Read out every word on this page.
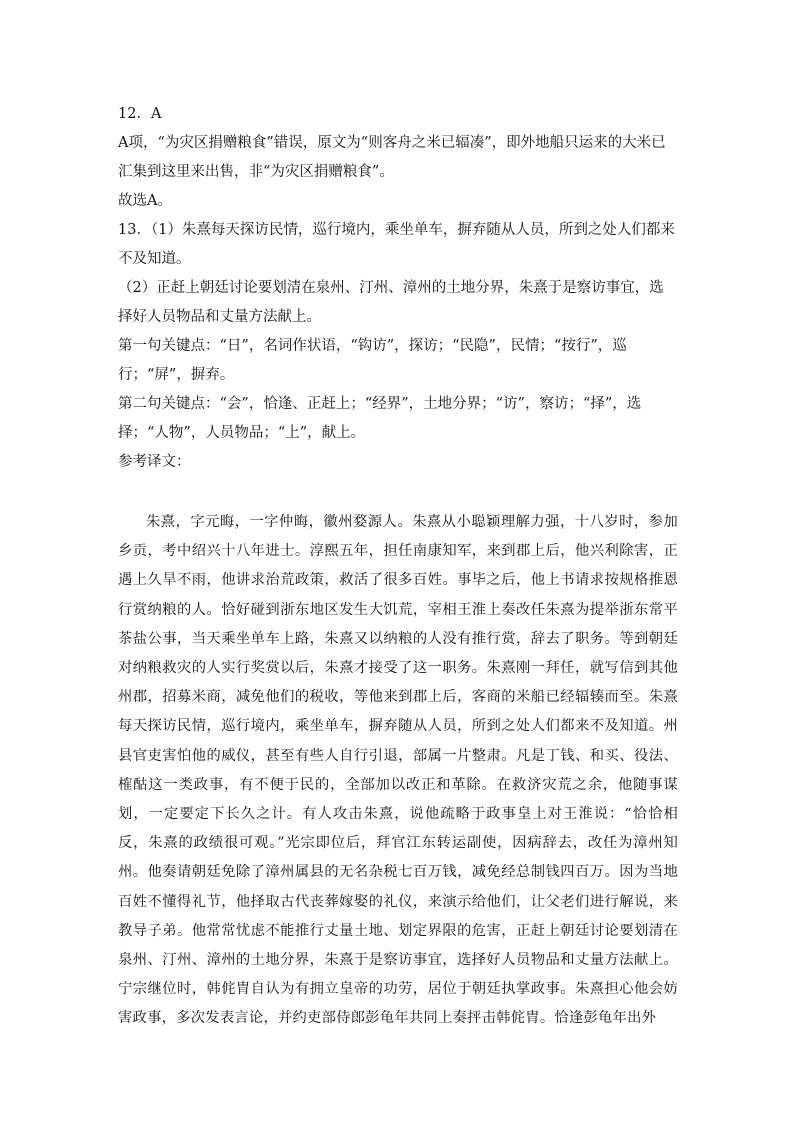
12．A

A项，“为灾区捐赠粮食”错误，原文为“则客舟之米已辐凑”，即外地船只运来的大米已汇集到这里来出售，非“为灾区捐赠粮食”。

故选A。

13．（1）朱熹每天探访民情，巡行境内，乘坐单车，摒弃随从人员，所到之处人们都来不及知道。

（2）正赶上朝廷讨论要划清在泉州、汀州、漳州的土地分界，朱熹于是察访事宜，选择好人员物品和丈量方法献上。

第一句关键点：“日”，名词作状语，“钩访”，探访；“民隐”，民情；“按行”，巡行；“屏”，摒弃。

第二句关键点：“会”，恰逢、正赶上；“经界”，土地分界；“访”，察访；“择”，选择；“人物”，人员物品；“上”，献上。

参考译文：

朱熹，字元晦，一字仲晦，徽州婺源人。朱熹从小聪颖理解力强，十八岁时，参加乡贡，考中绍兴十八年进士。淳熙五年，担任南康知军，来到郡上后，他兴利除害，正遇上久旱不雨，他讲求治荒政策，救活了很多百姓。事毕之后，他上书请求按规格推恩行赏纳粮的人。恰好碰到浙东地区发生大饥荒，宰相王淮上奏改任朱熹为提举浙东常平茶盐公事，当天乘坐单车上路，朱熹又以纳粮的人没有推行赏，辞去了职务。等到朝廷对纳粮救灾的人实行奖赏以后，朱熹才接受了这一职务。朱熹刚一拜任，就写信到其他州郡，招募米商，减免他们的税收，等他来到郡上后，客商的米船已经辐辏而至。朱熹每天探访民情，巡行境内，乘坐单车，摒弃随从人员，所到之处人们都来不及知道。州县官吏害怕他的威仪，甚至有些人自行引退，部属一片整肃。凡是丁钱、和买、役法、榷酤这一类政事，有不便于民的，全部加以改正和革除。在救济灾荒之余，他随事谋划，一定要定下长久之计。有人攻击朱熹，说他疏略于政事皇上对王淮说：“恰恰相反，朱熹的政绩很可观。”光宗即位后，拜官江东转运副使，因病辞去，改任为漳州知州。他奏请朝廷免除了漳州属县的无名杂税七百万钱，减免经总制钱四百万。因为当地百姓不懂得礼节，他择取古代丧葬嫁娶的礼仪，来演示给他们，让父老们进行解说，来教导子弟。他常常忧虑不能推行丈量土地、划定界限的危害，正赶上朝廷讨论要划清在泉州、汀州、漳州的土地分界，朱熹于是察访事宜，选择好人员物品和丈量方法献上。宁宗继位时，韩侂胄自认为有拥立皇帝的功劳，居位于朝廷执掌政事。朱熹担心他会妨害政事，多次发表言论，并约吏部侍郎彭龟年共同上奏抨击韩侂胄。恰逢彭龟年出外
